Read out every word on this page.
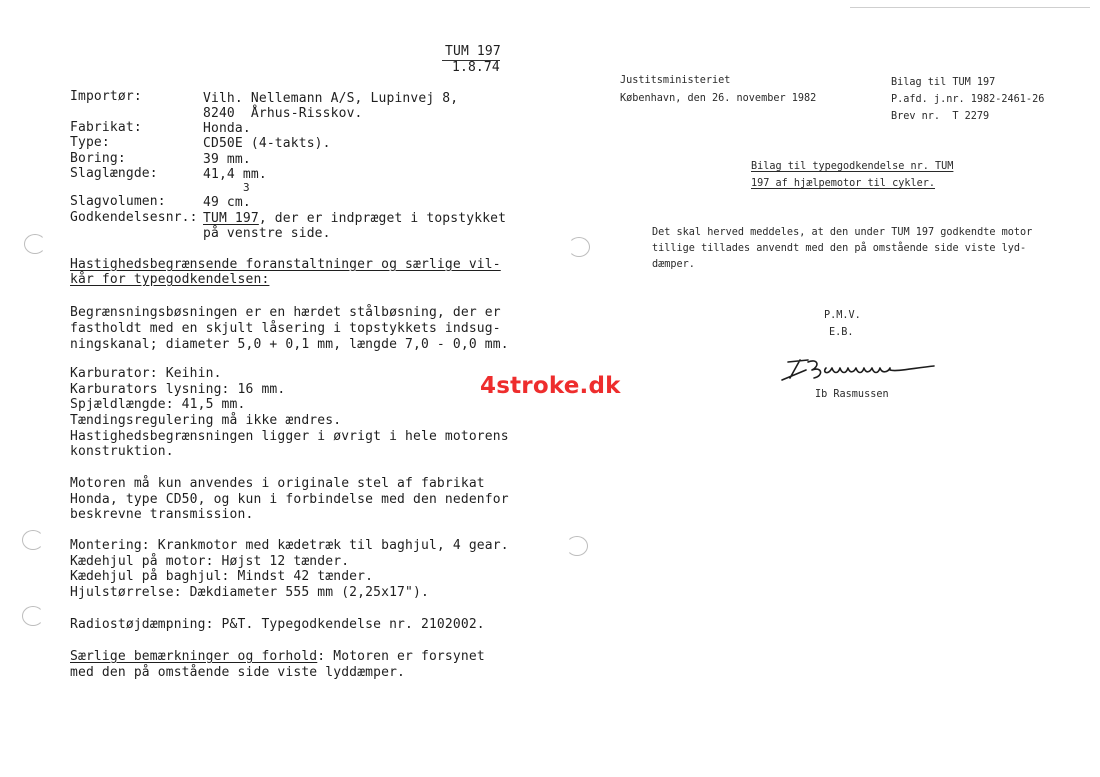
TUM 197
1.8.74
Importør:	Vilh. Nellemann A/S, Lupinvej 8,
8240  Århus-Risskov.
Fabrikat:	Honda.
Type:	CD50E (4-takts).
Boring:	39 mm.
Slaglængde:	41,4 mm.
3
Slagvolumen:	49 cm.
Godkendelsesnr.: TUM 197, der er indpræget i topstykket
på venstre side.
Hastighedsbegrænsende foranstaltninger og særlige vil-
kår for typegodkendelsen:
Begrænsningsbøsningen er en hærdet stålbøsning, der er
fastholdt med en skjult låsering i topstykkets indsug-
ningskanal; diameter 5,0 + 0,1 mm, længde 7,0 - 0,0 mm.
Karburator: Keihin.
Karburators lysning: 16 mm.
Spjældlængde: 41,5 mm.
Tændingsregulering må ikke ændres.
Hastighedsbegrænsningen ligger i øvrigt i hele motorens
konstruktion.
Motoren må kun anvendes i originale stel af fabrikat
Honda, type CD50, og kun i forbindelse med den nedenfor
beskrevne transmission.
Montering: Krankmotor med kædetræk til baghjul, 4 gear.
Kædehjul på motor: Højst 12 tænder.
Kædehjul på baghjul: Mindst 42 tænder.
Hjulstørrelse: Dækdiameter 555 mm (2,25x17").
Radiostøjdæmpning: P&T. Typegodkendelse nr. 2102002.
Særlige bemærkninger og forhold: Motoren er forsynet
med den på omstående side viste lyddæmper.
Justitsministeriet
København, den 26. november 1982
Bilag til TUM 197
P.afd. j.nr. 1982-2461-26
Brev nr.  T 2279
Bilag til typegodkendelse nr. TUM
197 af hjælpemotor til cykler.
Det skal herved meddeles, at den under TUM 197 godkendte motor
tillige tillades anvendt med den på omstående side viste lyd-
dæmper.
P.M.V.
E.B.
Ib Rasmussen
4stroke.dk
